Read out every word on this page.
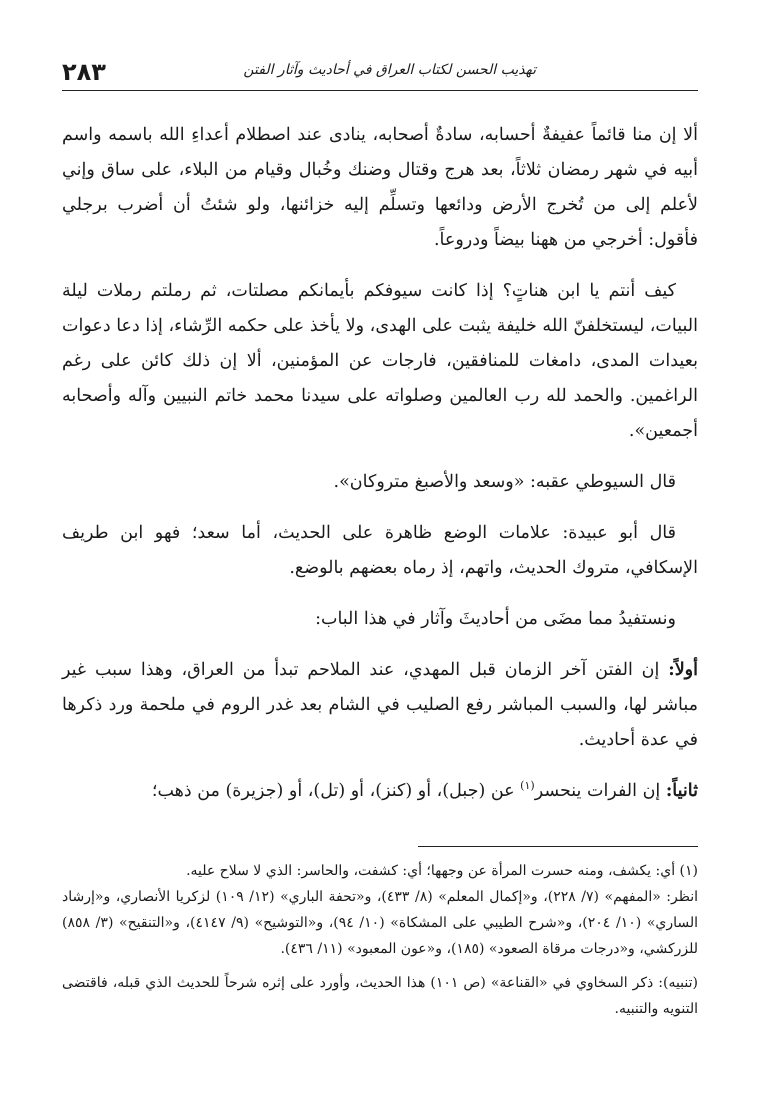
٢٨٣	تهذيب الحسن لكتاب العراق في أحاديث وآثار الفتن

ألا إن منا قائماً عفيفةٌ أحسابه، سادةٌ أصحابه، ينادى عند اصطلام أعداءِ الله باسمه واسم أبيه في شهر رمضان ثلاثاً، بعد هرج وقتال وضنك وخُبال وقيام من البلاء، على ساق وإني لأعلم إلى من تُخرج الأرض ودائعها وتسلِّم إليه خزائنها، ولو شئتُ أن أضرب برجلي فأقول: أخرجي من ههنا بيضاً ودروعاً.

كيف أنتم يا ابن هناتٍ؟ إذا كانت سيوفكم بأيمانكم مصلتات، ثم رملتم رملات ليلة البيات، ليستخلفنّ الله خليفة يثبت على الهدى، ولا يأخذ على حكمه الرِّشاء، إذا دعا دعوات بعيدات المدى، دامغات للمنافقين، فارجات عن المؤمنين، ألا إن ذلك كائن على رغم الراغمين. والحمد لله رب العالمين وصلواته على سيدنا محمد خاتم النبيين وآله وأصحابه أجمعين».

قال السيوطي عقبه: «وسعد والأصبغ متروكان».

قال أبو عبيدة: علامات الوضع ظاهرة على الحديث، أما سعد؛ فهو ابن طريف الإسكافي، متروك الحديث، واتهم، إذ رماه بعضهم بالوضع.

ونستفيدُ مما مضَى من أحاديثَ وآثار في هذا الباب:

أولاً: إن الفتن آخر الزمان قبل المهدي، عند الملاحم تبدأ من العراق، وهذا سبب غير مباشر لها، والسبب المباشر رفع الصليب في الشام بعد غدر الروم في ملحمة ورد ذكرها في عدة أحاديث.

ثانياً: إن الفرات ينحسر$^{(١)}$ عن (جبل)، أو (كنز)، أو (تل)، أو (جزيرة) من ذهب؛

(١) أي: يكشف، ومنه حسرت المرأة عن وجهها؛ أي: كشفت، والحاسر: الذي لا سلاح عليه.

انظر: «المفهم» (٧/ ٢٢٨)، و«إكمال المعلم» (٨/ ٤٣٣)، و«تحفة الباري» (١٢/ ١٠٩) لزكريا الأنصاري، و«إرشاد الساري» (١٠/ ٢٠٤)، و«شرح الطيبي على المشكاة» (١٠/ ٩٤)، و«التوشيح» (٩/ ٤١٤٧)، و«التنقيح» (٣/ ٨٥٨) للزركشي، و«درجات مرقاة الصعود» (١٨٥)، و«عون المعبود» (١١/ ٤٣٦).

(تنبيه): ذكر السخاوي في «القناعة» (ص ١٠١) هذا الحديث، وأورد على إثره شرحاً للحديث الذي قبله، فاقتضى التنويه والتنبيه.
